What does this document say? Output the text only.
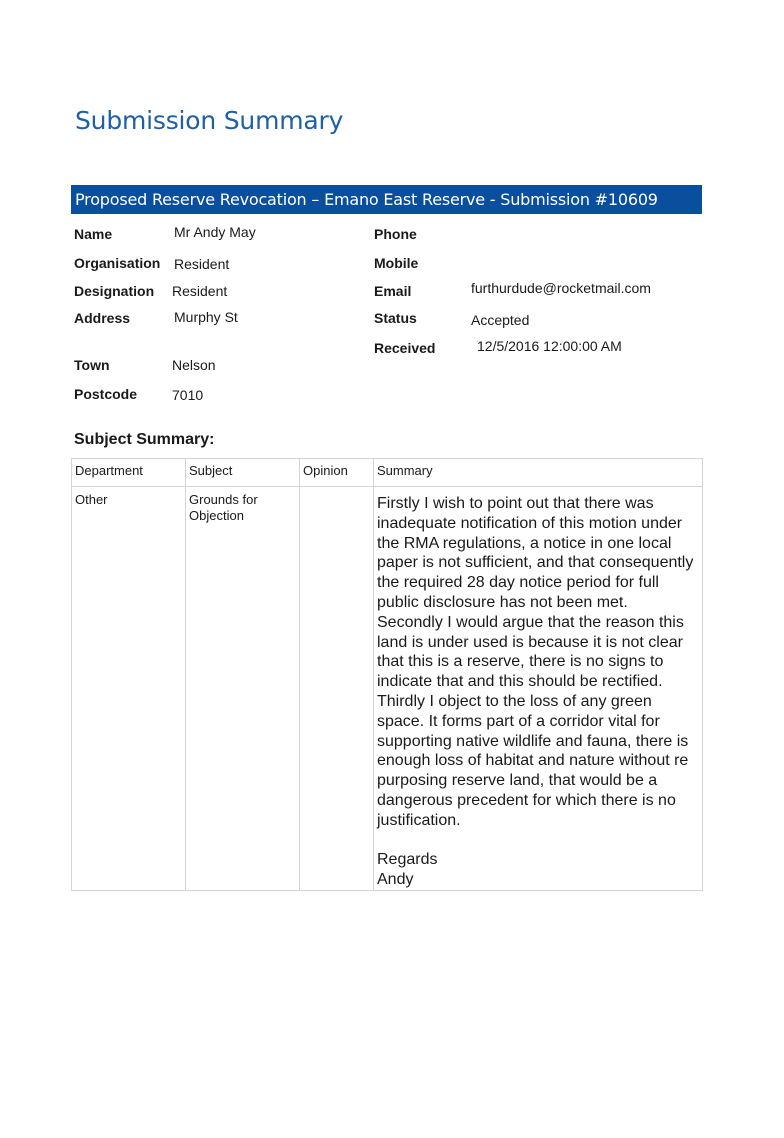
Submission Summary
Proposed Reserve Revocation – Emano East Reserve - Submission #10609
Name	Mr Andy May
Organisation Resident
Designation Resident
Address	Murphy St
Town	Nelson
Postcode 7010
Phone
Mobile
Email	furthurdude@rocketmail.com
Status	Accepted
Received	12/5/2016 12:00:00 AM
Subject Summary:
Department	Subject	Opinion	Summary
Other	Grounds for Objection		Firstly I wish to point out that there was inadequate notification of this motion under the RMA regulations, a notice in one local paper is not sufficient, and that consequently the required 28 day notice period for full public disclosure has not been met.
Secondly I would argue that the reason this land is under used is because it is not clear that this is a reserve, there is no signs to indicate that and this should be rectified.
Thirdly I object to the loss of any green space. It forms part of a corridor vital for supporting native wildlife and fauna, there is enough loss of habitat and nature without re purposing reserve land, that would be a dangerous precedent for which there is no justification.

Regards
Andy
